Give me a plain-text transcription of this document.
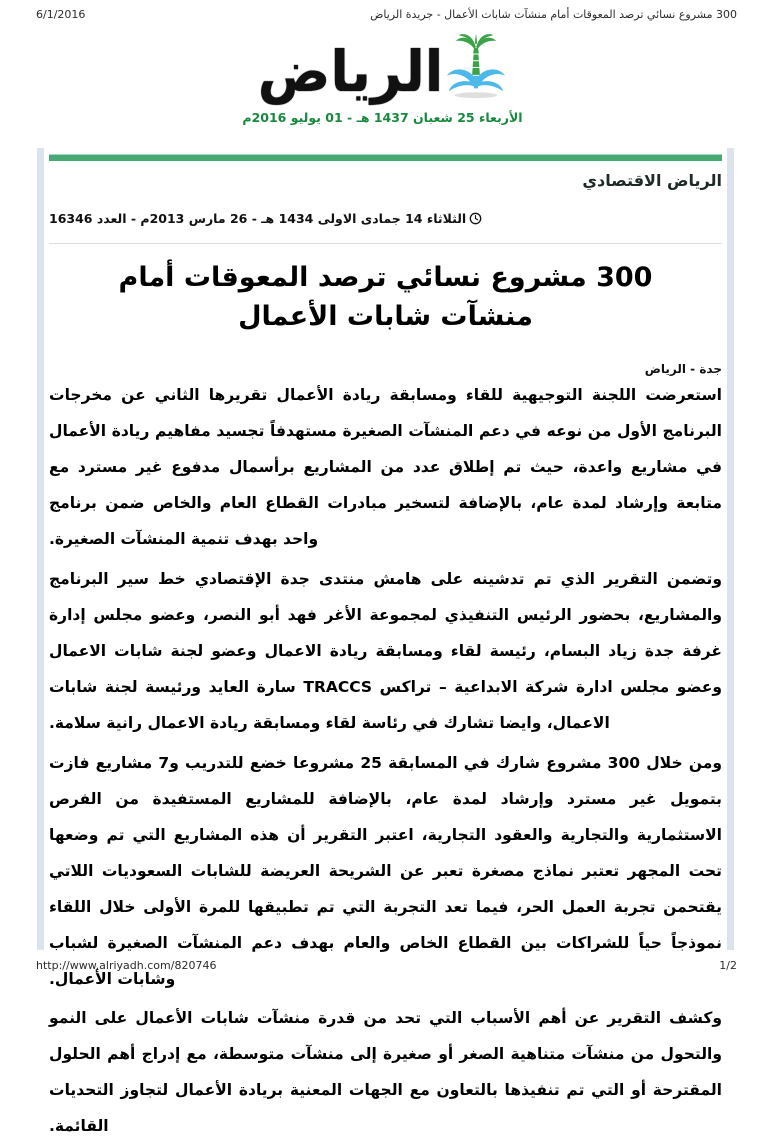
6/1/2016	300 مشروع نسائي ترصد المعوقات أمام منشآت شابات الأعمال - جريدة الرياض
الرياض
الأربعاء 25 شعبان 1437 هـ - 01 يوليو 2016م
الرياض الاقتصادي
الثلاثاء 14 جمادى الاولى 1434 هـ - 26 مارس 2013م - العدد 16346
300 مشروع نسائي ترصد المعوقات أمام منشآت شابات الأعمال
جدة - الرياض

استعرضت اللجنة التوجيهية للقاء ومسابقة ريادة الأعمال تقريرها الثاني عن مخرجات البرنامج الأول من نوعه في دعم المنشآت الصغيرة مستهدفاً تجسيد مفاهيم ريادة الأعمال في مشاريع واعدة، حيث تم إطلاق عدد من المشاريع برأسمال مدفوع غير مسترد مع متابعة وإرشاد لمدة عام، بالإضافة لتسخير مبادرات القطاع العام والخاص ضمن برنامج واحد بهدف تنمية المنشآت الصغيرة.

وتضمن التقرير الذي تم تدشينه على هامش منتدى جدة الإقتصادي خط سير البرنامج والمشاريع، بحضور الرئيس التنفيذي لمجموعة الأغر فهد أبو النصر، وعضو مجلس إدارة غرفة جدة زياد البسام، رئيسة لقاء ومسابقة ريادة الاعمال وعضو لجنة شابات الاعمال وعضو مجلس ادارة شركة الابداعية – تراكس TRACCS سارة العايد ورئيسة لجنة شابات الاعمال، وايضا تشارك في رئاسة لقاء ومسابقة ريادة الاعمال رانية سلامة.

ومن خلال 300 مشروع شارك في المسابقة 25 مشروعا خضع للتدريب و7 مشاريع فازت بتمويل غير مسترد وإرشاد لمدة عام، بالإضافة للمشاريع المستفيدة من الفرص الاستثمارية والتجارية والعقود التجارية، اعتبر التقرير أن هذه المشاريع التي تم وضعها تحت المجهر تعتبر نماذج مصغرة تعبر عن الشريحة العريضة للشابات السعوديات اللاتي يقتحمن تجربة العمل الحر، فيما تعد التجربة التي تم تطبيقها للمرة الأولى خلال اللقاء نموذجاً حياً للشراكات بين القطاع الخاص والعام بهدف دعم المنشآت الصغيرة لشباب وشابات الأعمال.

وكشف التقرير عن أهم الأسباب التي تحد من قدرة منشآت شابات الأعمال على النمو والتحول من منشآت متناهية الصغر أو صغيرة إلى منشآت متوسطة، مع إدراج أهم الحلول المقترحة أو التي تم تنفيذها بالتعاون مع الجهات المعنية بريادة الأعمال لتجاوز التحديات القائمة.

http://www.alriyadh.com/820746	1/2
